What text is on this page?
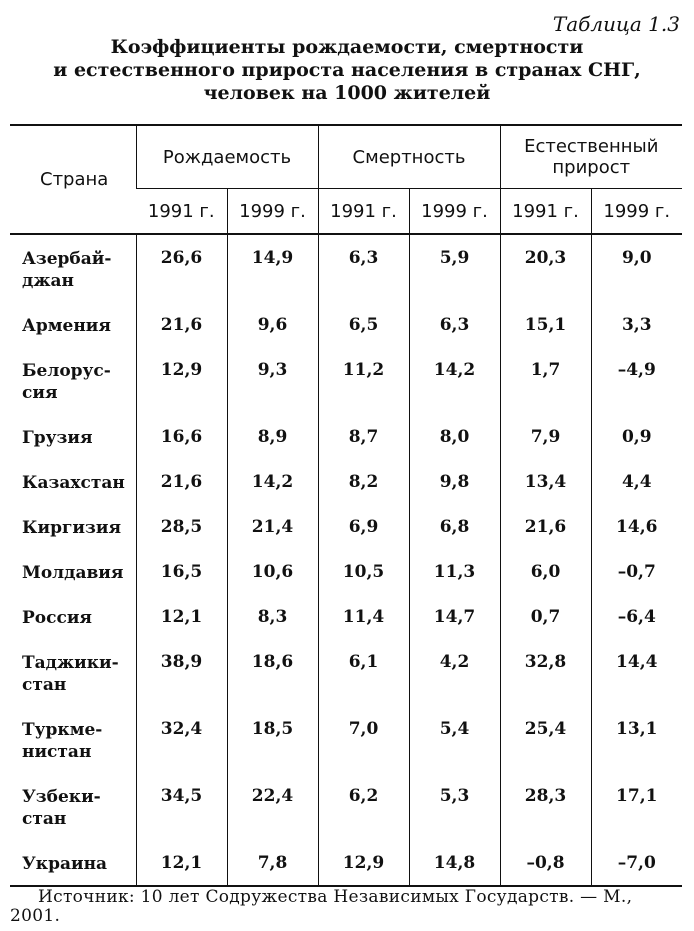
Таблица 1.3
Коэффициенты рождаемости, смертности
и естественного прироста населения в странах СНГ,
человек на 1000 жителей
Страна	Рождаемость		Смертность		Естественный
прирост	

	1991 г.	1999 г.	1991 г.	1999 г.	1991 г.	1999 г.

Азербай-
джан	26,6	14,9	6,3	5,9	20,3	9,0

Армения	21,6	9,6	6,5	6,3	15,1	3,3

Белорус-
сия	12,9	9,3	11,2	14,2	1,7	–4,9

Грузия	16,6	8,9	8,7	8,0	7,9	0,9

Казахстан	21,6	14,2	8,2	9,8	13,4	4,4

Киргизия	28,5	21,4	6,9	6,8	21,6	14,6

Молдавия	16,5	10,6	10,5	11,3	6,0	–0,7

Россия	12,1	8,3	11,4	14,7	0,7	–6,4

Таджики-
стан	38,9	18,6	6,1	4,2	32,8	14,4

Туркме-
нистан	32,4	18,5	7,0	5,4	25,4	13,1

Узбеки-
стан	34,5	22,4	6,2	5,3	28,3	17,1

Украина	12,1	7,8	12,9	14,8	–0,8	–7,0
Источник: 10 лет Содружества Независимых Государств. — М., 2001.
